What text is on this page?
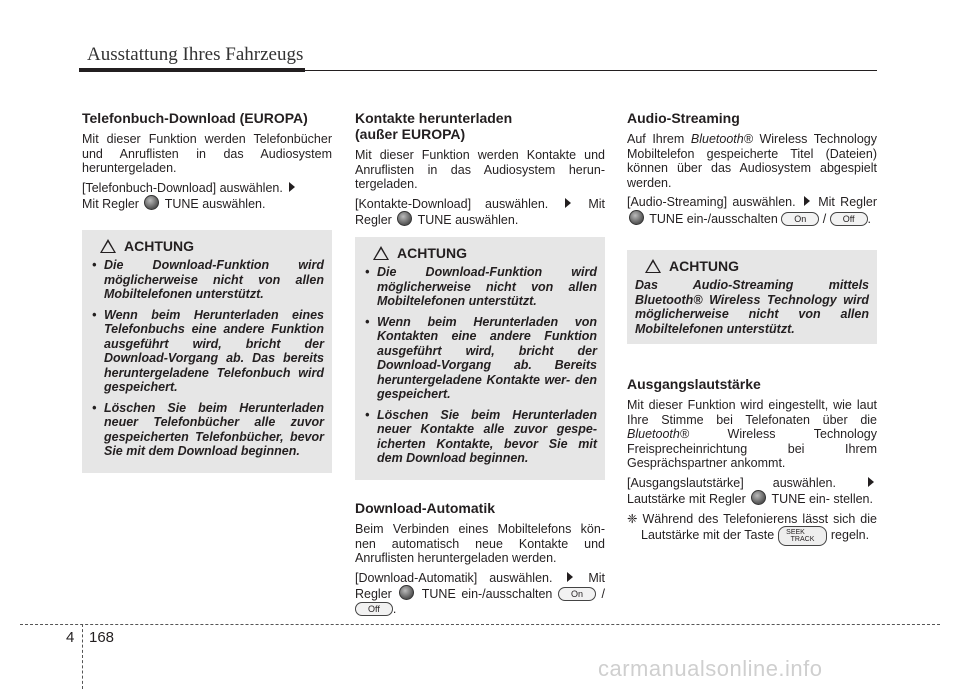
Ausstattung Ihres Fahrzeugs
Telefonbuch-Download (EUROPA)

Mit dieser Funktion werden Telefonbücher und Anruflisten in das Audiosystem heruntergeladen.

[Telefonbuch-Download] auswählen.
Mit Regler TUNE auswählen.

ACHTUNG
• Die Download-Funktion wird möglicherweise nicht von allen Mobiltelefonen unterstützt.
• Wenn beim Herunterladen eines Telefonbuchs eine andere Funktion ausgeführt wird, bricht der Download-Vorgang ab. Das bereits heruntergeladene Telefonbuch wird gespeichert.
• Löschen Sie beim Herunterladen neuer Telefonbücher alle zuvor gespeicherten Telefonbücher, bevor Sie mit dem Download beginnen.
Kontakte herunterladen (außer EUROPA)

Mit dieser Funktion werden Kontakte und Anruflisten in das Audiosystem herun- tergeladen.

[Kontakte-Download] auswählen.	Mit Regler TUNE auswählen.

ACHTUNG
• Die Download-Funktion wird möglicherweise nicht von allen Mobiltelefonen unterstützt.
• Wenn beim Herunterladen von Kontakten eine andere Funktion ausgeführt wird, bricht der Download-Vorgang ab. Bereits heruntergeladene Kontakte wer- den gespeichert.
• Löschen Sie beim Herunterladen neuer Kontakte alle zuvor gespe- icherten Kontakte, bevor Sie mit dem Download beginnen.
Download-Automatik

Beim Verbinden eines Mobiltelefons kön- nen automatisch neue Kontakte und Anruflisten heruntergeladen werden.

[Download-Automatik] auswählen.	Mit Regler TUNE ein-/ausschalten On / Off .

Audio-Streaming

Auf Ihrem Bluetooth® Wireless Technology Mobiltelefon gespeicherte Titel (Dateien) können über das Audiosystem abgespielt werden.

[Audio-Streaming] auswählen. Mit Regler  TUNE ein-/ausschalten On / Off .

ACHTUNG
Das Audio-Streaming mittels Bluetooth® Wireless Technology wird möglicherweise nicht von allen Mobiltelefonen unterstützt.
Ausgangslautstärke

Mit dieser Funktion wird eingestellt, wie laut Ihre Stimme bei Telefonaten über die Bluetooth®	Wireless Technology Freisprecheinrichtung bei Ihrem Gesprächspartner ankommt.

[Ausgangslautstärke] auswählen.  Lautstärke mit Regler TUNE ein- stellen.

❈ Während des Telefonierens lässt sich die Lautstärke mit der Taste SEEK
TRACK regeln.

4 168
carmanualsonline.info
